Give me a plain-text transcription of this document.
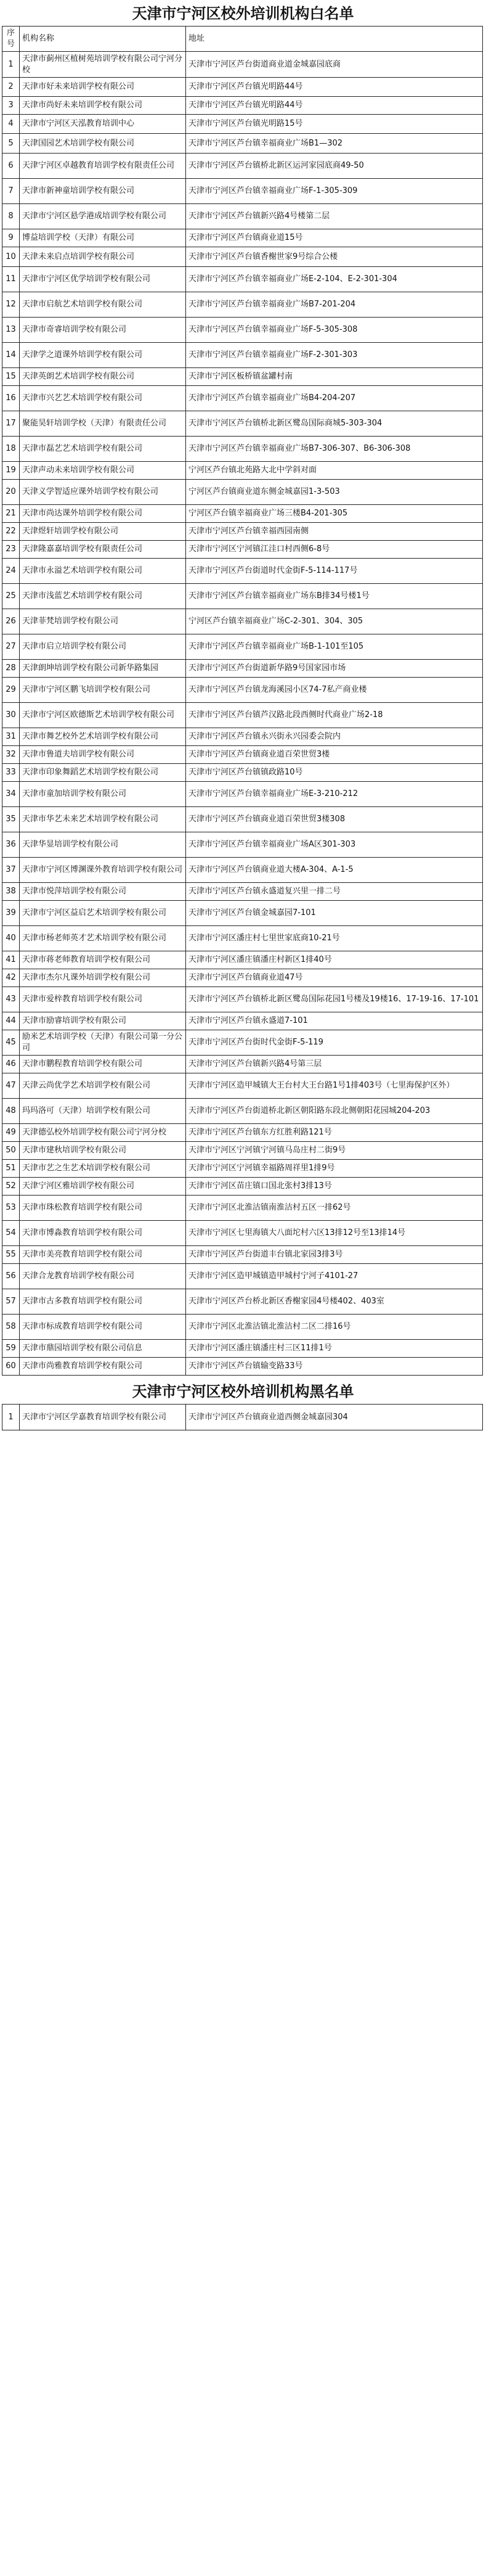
天津市宁河区校外培训机构白名单
序号	机构名称	地址
1	天津市蓟州区植树苑培训学校有限公司宁河分校	天津市宁河区芦台街道商业道金城嘉园底商
2	天津市好未来培训学校有限公司	天津市宁河区芦台镇光明路44号
3	天津市尚好未来培训学校有限公司	天津市宁河区芦台镇光明路44号
4	天津市宁河区天泓教育培训中心	天津市宁河区芦台镇光明路15号
5	天津国园艺术培训学校有限公司	天津市宁河区芦台镇幸福商业广场B1—302
6	天津宁河区卓越教育培训学校有限责任公司	天津市宁河区芦台镇桥北新区运河家园底商49-50
7	天津市新神童培训学校有限公司	天津市宁河区芦台镇幸福商业广场F-1-305-309
8	天津市宁河区悬学港成培训学校有限公司	天津市宁河区芦台镇新兴路4号楼第二层
9	博益培训学校（天津）有限公司	天津市宁河区芦台镇商业道15号
10	天津未来启点培训学校有限公司	天津市宁河区芦台镇香榭世家9号综合公楼
11	天津市宁河区优学培训学校有限公司	天津市宁河区芦台镇幸福商业广场E-2-104、E-2-301-304
12	天津市启航艺术培训学校有限公司	天津市宁河区芦台镇幸福商业广场B7-201-204
13	天津市奇睿培训学校有限公司	天津市宁河区芦台镇幸福商业广场F-5-305-308
14	天津学之道课外培训学校有限公司	天津市宁河区芦台镇幸福商业广场F-2-301-303
15	天津英朗艺术培训学校有限公司	天津市宁河区板桥镇盆罐村南
16	天津市兴艺艺术培训学校有限公司	天津市宁河区芦台镇幸福商业广场B4-204-207
17	聚能昊轩培训学校（天津）有限责任公司	天津市宁河区芦台镇桥北新区鹭岛国际商城5-303-304
18	天津市磊艺艺术培训学校有限公司	天津市宁河区芦台镇幸福商业广场B7-306-307、B6-306-308
19	天津声动未来培训学校有限公司	宁河区芦台镇北苑路大北中学斜对面
20	天津义学智适应课外培训学校有限公司	宁河区芦台镇商业道东侧金城嘉园1-3-503
21	天津市尚达课外培训学校有限公司	宁河区芦台镇幸福商业广场三楼B4-201-305
22	天津煜轩培训学校有限公司	天津市宁河区芦台镇幸福西园南侧
23	天津隆嘉嘉培训学校有限责任公司	天津市宁河区宁河镇江洼口村西侧6-8号
24	天津市永溢艺术培训学校有限公司	天津市宁河区芦台街道时代金街F-5-114-117号
25	天津市浅蓝艺术培训学校有限公司	天津市宁河区芦台镇幸福商业广场东B排34号楼1号
26	天津菲梵培训学校有限公司	宁河区芦台镇幸福商业广场C-2-301、304、305
27	天津市启立培训学校有限公司	天津市宁河区芦台镇幸福商业广场B-1-101至105
28	天津朗坤培训学校有限公司新华路集园	天津市宁河区芦台街道新华路9号国家园市场
29	天津市宁河区鹏飞培训学校有限公司	天津市宁河区芦台镇龙海溪园小区74-7私产商业楼
30	天津市宁河区欧德斯艺术培训学校有限公司	天津市宁河区芦台镇芦汉路北段西侧时代商业广场2-18
31	天津市舞艺校外艺术培训学校有限公司	天津市宁河区芦台镇永兴街永兴园委会院内
32	天津市鲁道夫培训学校有限公司	天津市宁河区芦台镇商业道百荣世贸3楼
33	天津市印象舞蹈艺术培训学校有限公司	天津市宁河区芦台镇镇政路10号
34	天津市童加培训学校有限公司	天津市宁河区芦台镇幸福商业广场E-3-210-212
35	天津市华艺未来艺术培训学校有限公司	天津市宁河区芦台镇商业道百荣世贸3楼308
36	天津华显培训学校有限公司	天津市宁河区芦台镇幸福商业广场A区301-303
37	天津市宁河区博渊课外教育培训学校有限公司	天津市宁河区芦台镇商业道大楼A-304、A-1-5
38	天津市悦萍培训学校有限公司	天津市宁河区芦台镇永盛道复兴里一排二号
39	天津市宁河区益启艺术培训学校有限公司	天津市宁河区芦台镇金城嘉园7-101
40	天津市杨老师英才艺术培训学校有限公司	天津市宁河区潘庄村七里世家底商10-21号
41	天津市蒋老师教育培训学校有限公司	天津市宁河区潘庄镇潘庄村新区1排40号
42	天津市杰尔凡课外培训学校有限公司	天津市宁河区芦台镇商业道47号
43	天津市爱梓教育培训学校有限公司	天津市宁河区芦台镇桥北新区鹭岛国际花园1号楼及19楼16、17-19-16、17-101
44	天津市励睿培训学校有限公司	天津市宁河区芦台镇永盛道7-101
45	励米艺术培训学校（天津）有限公司第一分公司	天津市宁河区芦台街时代金街F-5-119
46	天津市鹏程教育培训学校有限公司	天津市宁河区芦台镇新兴路4号第三层
47	天津云尚优学艺术培训学校有限公司	天津市宁河区造甲城镇大王台村大王台路1号1排403号（七里海保护区外）
48	玛玛洛可（天津）培训学校有限公司	天津市宁河区芦台街道桥北新区朝阳路东段北侧朝阳花园城204-203
49	天津德弘校外培训学校有限公司宁河分校	天津市宁河区芦台镇东方红胜利路121号
50	天津市建秋培训学校有限公司	天津市宁河区宁河镇宁河镇马岛庄村二街9号
51	天津市艺之生艺术培训学校有限公司	天津市宁河区宁河镇幸福路周祥里1排9号
52	天津宁河区雅培训学校有限公司	天津市宁河区苗庄镇口国北张村3排13号
53	天津市珠松教育培训学校有限公司	天津市宁河区北淮沽镇南淮沽村五区一排62号
54	天津市博淼教育培训学校有限公司	天津市宁河区七里海镇大八面坨村六区13排12号至13排14号
55	天津市美亮教育培训学校有限公司	天津市宁河区芦台街道丰台镇北家园3排3号
56	天津合龙教育培训学校有限公司	天津市宁河区造甲城镇造甲城村宁河子4101-27
57	天津市古多教育培训学校有限公司	天津市宁河区芦台桥北新区香榭家园4号楼402、403室
58	天津市标成教育培训学校有限公司	天津市宁河区北淮沽镇北淮沽村二区二排16号
59	天津市鼎园培训学校有限公司信息	天津市宁河区潘庄镇潘庄村三区11排1号
60	天津市尚雅教育培训学校有限公司	天津市宁河区芦台镇输变路33号
天津市宁河区校外培训机构黑名单
1	天津市宁河区学嘉教育培训学校有限公司	天津市宁河区芦台镇商业道西侧金城嘉园304
